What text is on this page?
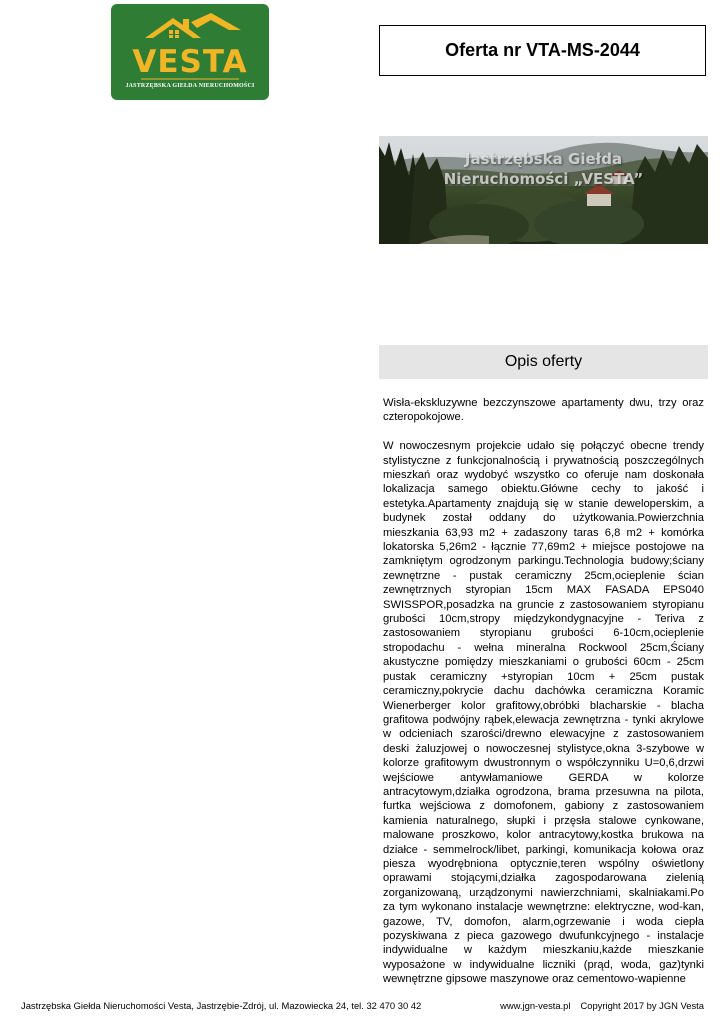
VESTA
JASTRZĘBSKA GIEŁDA NIERUCHOMOŚCI
Oferta nr VTA-MS-2044
Jastrzębska Giełda
Nieruchomości „VESTA”
Opis oferty

Wisła-ekskluzywne bezczynszowe apartamenty dwu, trzy oraz czteropokojowe.

W nowoczesnym projekcie udało się połączyć obecne trendy stylistyczne z funkcjonalnością i prywatnością poszczególnych mieszkań oraz wydobyć wszystko co oferuje nam doskonała lokalizacja samego obiektu.Główne cechy to jakość i estetyka.Apartamenty znajdują się w stanie deweloperskim, a budynek został oddany do użytkowania.Powierzchnia mieszkania 63,93 m2 + zadaszony taras 6,8 m2 + komórka lokatorska 5,26m2 - łącznie 77,69m2 + miejsce postojowe na zamkniętym ogrodzonym parkingu.Technologia budowy;ściany zewnętrzne - pustak ceramiczny 25cm,ocieplenie ścian zewnętrznych styropian 15cm MAX FASADA EPS040 SWISSPOR,posadzka na gruncie z zastosowaniem styropianu grubości 10cm,stropy międzykondygnacyjne - Teriva z zastosowaniem styropianu grubości 6-10cm,ocieplenie stropodachu - wełna mineralna Rockwool 25cm,Ściany akustyczne pomiędzy mieszkaniami o grubości 60cm - 25cm pustak ceramiczny +styropian 10cm + 25cm pustak ceramiczny,pokrycie dachu dachówka ceramiczna Koramic Wienerberger kolor grafitowy,obróbki blacharskie - blacha grafitowa podwójny rąbek,elewacja zewnętrzna - tynki akrylowe w odcieniach szarości/drewno elewacyjne z zastosowaniem deski żaluzjowej o nowoczesnej stylistyce,okna 3-szybowe w kolorze grafitowym dwustronnym o współczynniku U=0,6,drzwi wejściowe antywłamaniowe GERDA w kolorze antracytowym,działka ogrodzona, brama przesuwna na pilota, furtka wejściowa z domofonem, gabiony z zastosowaniem kamienia naturalnego, słupki i przęsła stalowe cynkowane, malowane proszkowo, kolor antracytowy,kostka brukowa na działce - semmelrock/libet, parkingi, komunikacja kołowa oraz piesza wyodrębniona optycznie,teren wspólny oświetlony oprawami stojącymi,działka zagospodarowana zielenią zorganizowaną, urządzonymi nawierzchniami, skalniakami.Po za tym wykonano instalacje wewnętrzne: elektryczne, wod-kan, gazowe, TV, domofon, alarm,ogrzewanie i woda ciepła pozyskiwana z pieca gazowego dwufunkcyjnego - instalacje indywidualne w każdym mieszkaniu,każde mieszkanie wyposażone w indywidualne liczniki (prąd, woda, gaz)tynki wewnętrzne gipsowe maszynowe oraz cementowo-wapienne

Jastrzębska Giełda Nieruchomości Vesta, Jastrzębie-Zdrój, ul. Mazowiecka 24, tel. 32 470 30 42	www.jgn-vesta.pl Copyright 2017 by JGN Vesta
